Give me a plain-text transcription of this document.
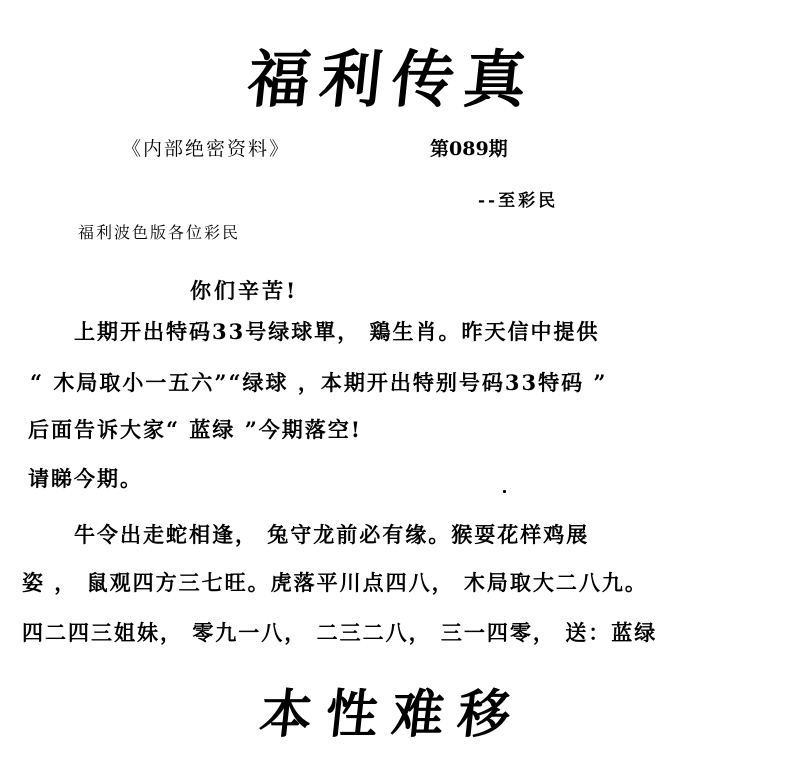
福利传真
《内部绝密资料》	第089期
--至彩民
福利波色版各位彩民
你们辛苦!
　　上期开出特码33号绿球單， 鶏生肖。昨天信中提供
“ 木局取小一五六”“绿球 ，本期开出特别号码33特码 ”
后面告诉大家“ 蓝绿 ”今期落空!
请睇今期。
　　牛令出走蛇相逢， 兔守龙前必有缘。猴耍花样鸡展
姿 ， 鼠观四方三七旺。虎落平川点四八， 木局取大二八九。
四二四三姐妹， 零九一八， 二三二八， 三一四零， 送：蓝绿
本性难移
